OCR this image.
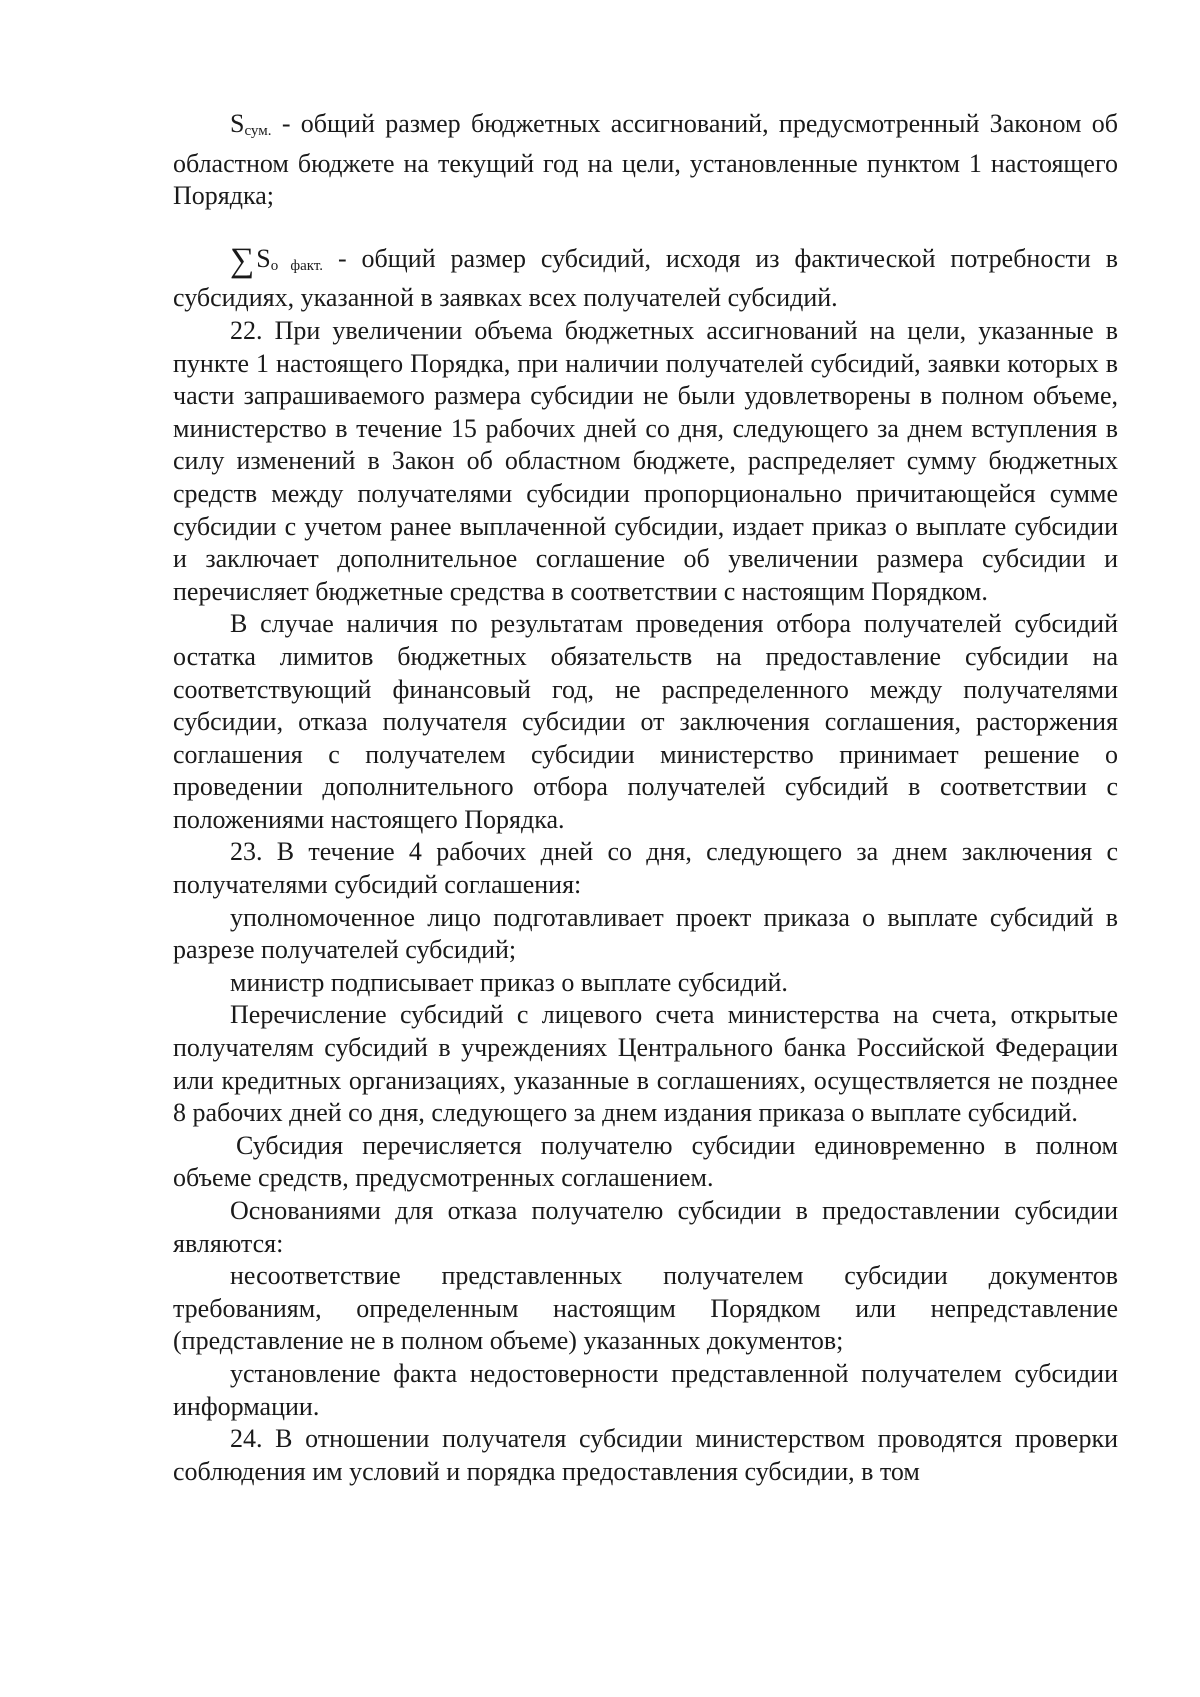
$S_{сум.}$ - общий размер бюджетных ассигнований, предусмотренный Законом об областном бюджете на текущий год на цели, установленные пунктом 1 настоящего Порядка;

$\sum S_{о факт.}$ - общий размер субсидий, исходя из фактической потребности в субсидиях, указанной в заявках всех получателей субсидий.

22. При увеличении объема бюджетных ассигнований на цели, указанные в пункте 1 настоящего Порядка, при наличии получателей субсидий, заявки которых в части запрашиваемого размера субсидии не были удовлетворены в полном объеме, министерство в течение 15 рабочих дней со дня, следующего за днем вступления в силу изменений в Закон об областном бюджете, распределяет сумму бюджетных средств между получателями субсидии пропорционально причитающейся сумме субсидии с учетом ранее выплаченной субсидии, издает приказ о выплате субсидии и заключает дополнительное соглашение об увеличении размера субсидии и перечисляет бюджетные средства в соответствии с настоящим Порядком.

В случае наличия по результатам проведения отбора получателей субсидий остатка лимитов бюджетных обязательств на предоставление субсидии на соответствующий финансовый год, не распределенного между получателями субсидии, отказа получателя субсидии от заключения соглашения, расторжения соглашения с получателем субсидии министерство принимает решение о проведении дополнительного отбора получателей субсидий в соответствии с положениями настоящего Порядка.

23. В течение 4 рабочих дней со дня, следующего за днем заключения с получателями субсидий соглашения:

уполномоченное лицо подготавливает проект приказа о выплате субсидий в разрезе получателей субсидий;

министр подписывает приказ о выплате субсидий.

Перечисление субсидий с лицевого счета министерства на счета, открытые получателям субсидий в учреждениях Центрального банка Российской Федерации или кредитных организациях, указанные в соглашениях, осуществляется не позднее 8 рабочих дней со дня, следующего за днем издания приказа о выплате субсидий.

Субсидия перечисляется получателю субсидии единовременно в полном объеме средств, предусмотренных соглашением.

Основаниями для отказа получателю субсидии в предоставлении субсидии являются:

несоответствие представленных получателем субсидии документов требованиям, определенным настоящим Порядком или непредставление (представление не в полном объеме) указанных документов;

установление факта недостоверности представленной получателем субсидии информации.

24. В отношении получателя субсидии министерством проводятся проверки соблюдения им условий и порядка предоставления субсидии, в том
